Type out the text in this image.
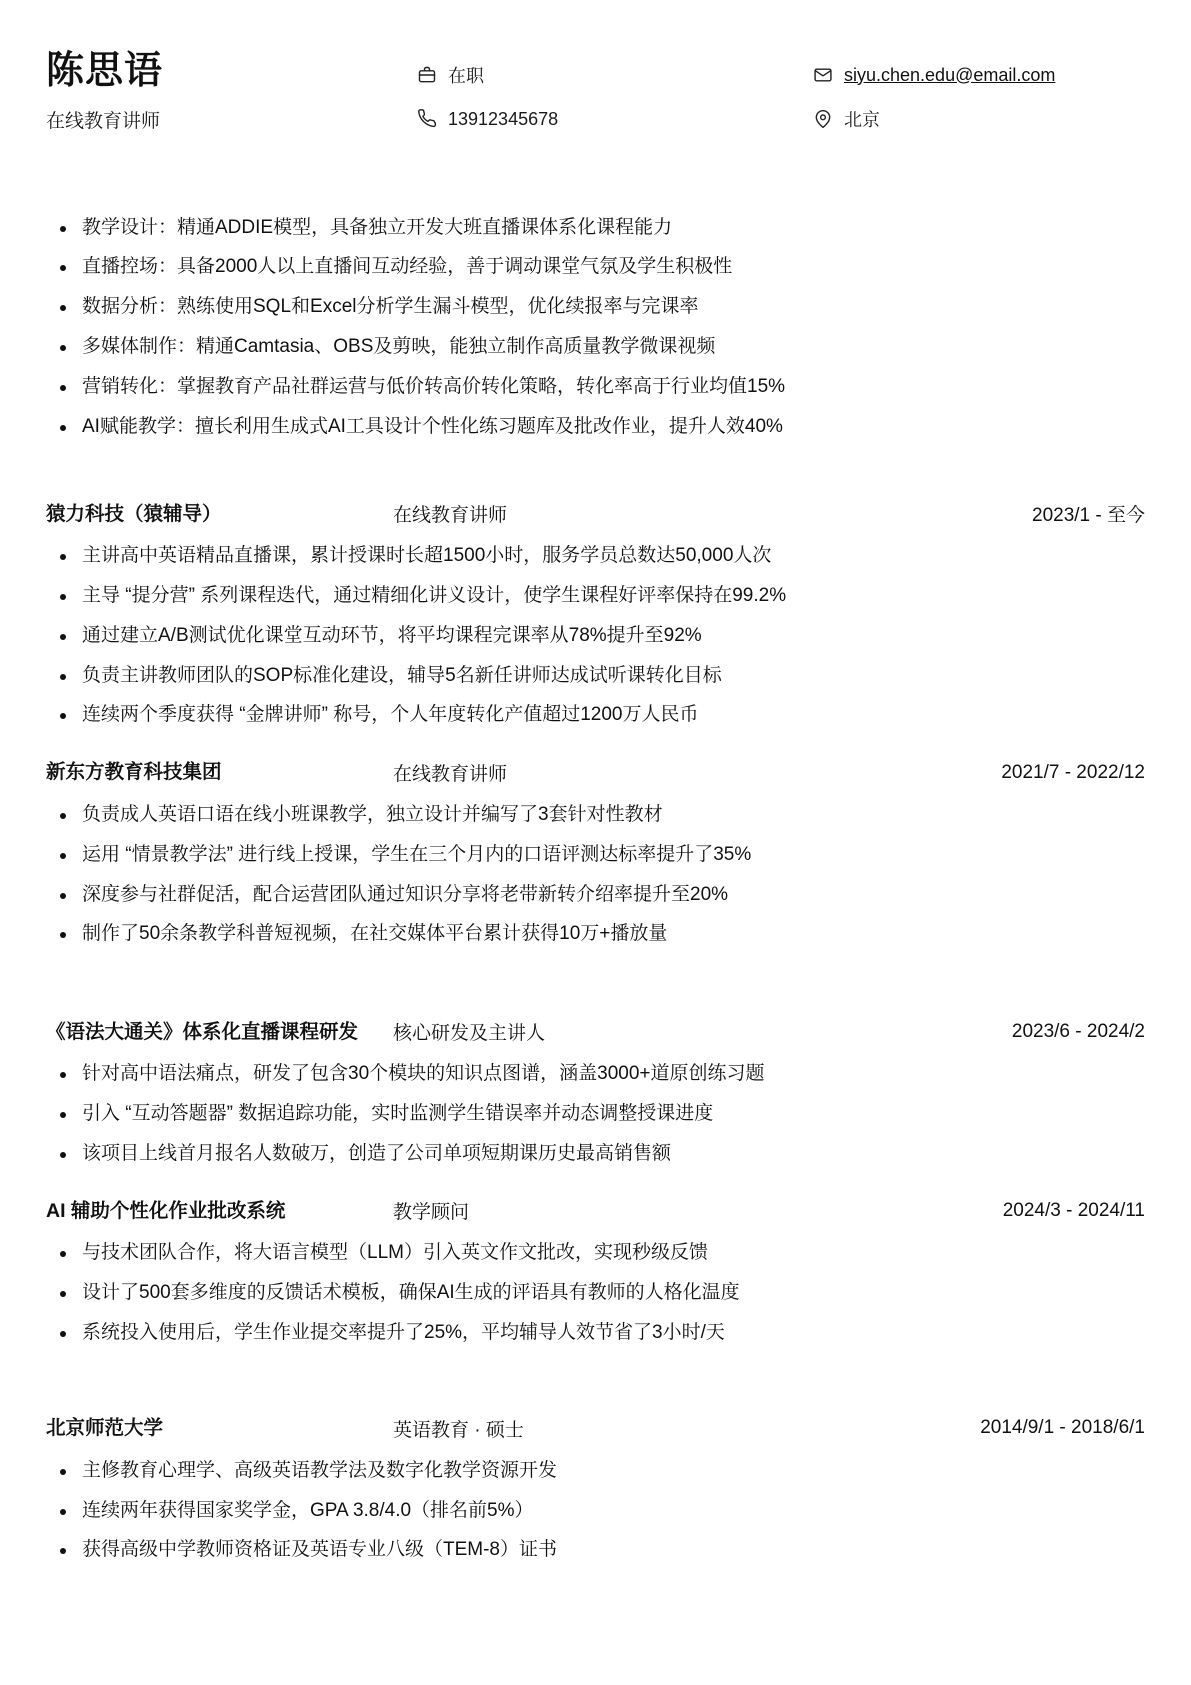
陈思语
在线教育讲师
在职	siyu.chen.edu@email.com
13912345678	北京
教学设计：精通ADDIE模型，具备独立开发大班直播课体系化课程能力
直播控场：具备2000人以上直播间互动经验，善于调动课堂气氛及学生积极性
数据分析：熟练使用SQL和Excel分析学生漏斗模型，优化续报率与完课率
多媒体制作：精通Camtasia、OBS及剪映，能独立制作高质量教学微课视频
营销转化：掌握教育产品社群运营与低价转高价转化策略，转化率高于行业均值15%
AI赋能教学：擅长利用生成式AI工具设计个性化练习题库及批改作业，提升人效40%
猿力科技（猿辅导）	在线教育讲师	2023/1 - 至今
主讲高中英语精品直播课，累计授课时长超1500小时，服务学员总数达50,000人次
主导 “提分营” 系列课程迭代，通过精细化讲义设计，使学生课程好评率保持在99.2%
通过建立A/B测试优化课堂互动环节，将平均课程完课率从78%提升至92%
负责主讲教师团队的SOP标准化建设，辅导5名新任讲师达成试听课转化目标
连续两个季度获得 “金牌讲师” 称号，个人年度转化产值超过1200万人民币
新东方教育科技集团	在线教育讲师	2021/7 - 2022/12
负责成人英语口语在线小班课教学，独立设计并编写了3套针对性教材
运用 “情景教学法” 进行线上授课，学生在三个月内的口语评测达标率提升了35%
深度参与社群促活，配合运营团队通过知识分享将老带新转介绍率提升至20%
制作了50余条教学科普短视频，在社交媒体平台累计获得10万+播放量
《语法大通关》体系化直播课程研发	核心研发及主讲人	2023/6 - 2024/2
针对高中语法痛点，研发了包含30个模块的知识点图谱，涵盖3000+道原创练习题
引入 “互动答题器” 数据追踪功能，实时监测学生错误率并动态调整授课进度
该项目上线首月报名人数破万，创造了公司单项短期课历史最高销售额
AI 辅助个性化作业批改系统	教学顾问	2024/3 - 2024/11
与技术团队合作，将大语言模型（LLM）引入英文作文批改，实现秒级反馈
设计了500套多维度的反馈话术模板，确保AI生成的评语具有教师的人格化温度
系统投入使用后，学生作业提交率提升了25%，平均辅导人效节省了3小时/天
北京师范大学	英语教育 · 硕士	2014/9/1 - 2018/6/1
主修教育心理学、高级英语教学法及数字化教学资源开发
连续两年获得国家奖学金，GPA 3.8/4.0（排名前5%）
获得高级中学教师资格证及英语专业八级（TEM-8）证书
